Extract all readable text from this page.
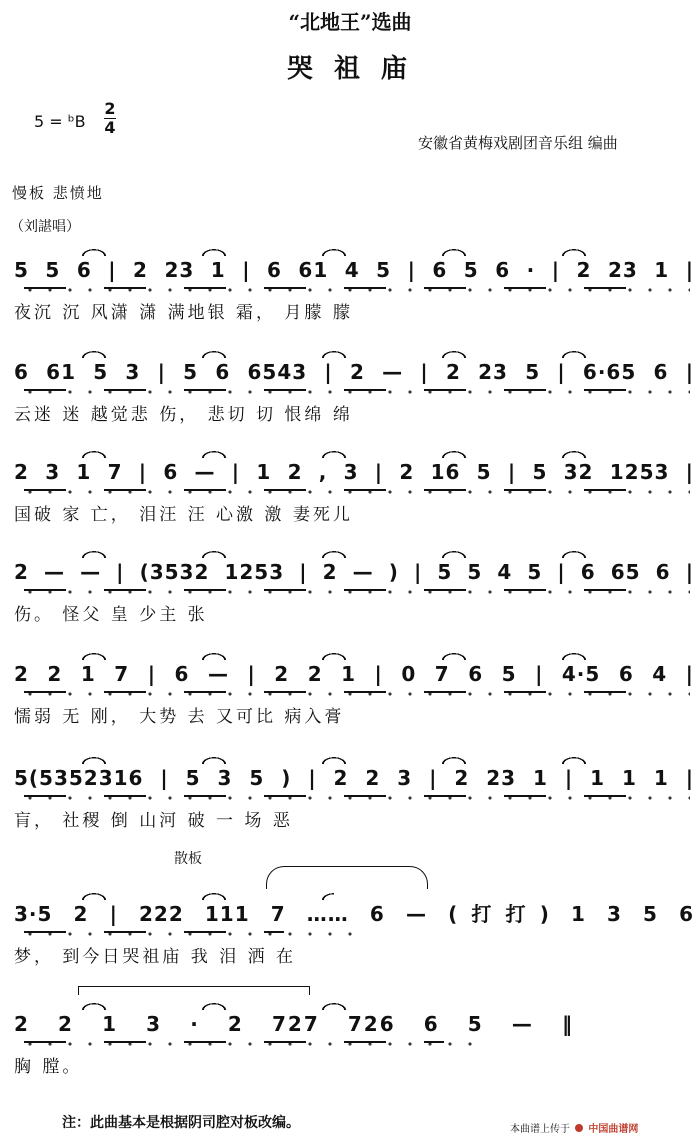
“北地王”选曲
哭 祖 庙
5 = ᵇB
2
4
安徽省黄梅戏剧团音乐组 编曲
慢板 悲愤地
（刘諶唱）
5 5 6 | 2 23 1 | 6 61 4 5 | 6 5 6 · | 2 23 1 |
夜沉 沉 风潇 潇 满地银 霜， 月朦 朦
6 61 5 3 | 5 6 6543 | 2 — | 2 23 5 | 6·65 6 |
云迷 迷 越觉悲 伤， 悲切 切 恨绵 绵
2 3 1 7 | 6 — | 1 2 , 3 | 2 16 5 | 5 32 1253 |
国破 家 亡， 泪汪 汪 心激 激 妻死儿
2 — — | (3532 1253 | 2 — ) | 5 5 4 5 | 6 65 6 |
伤。 怪父 皇 少主 张
2 2 1 7 | 6 — | 2 2 1 | 0 7 6 5 | 4·5 6 4 |
懦弱 无 刚， 大势 去 又可比 病入膏
5(5352316 | 5 3 5 ) | 2 2 3 | 2 23 1 | 1 1 1 |
肓， 社稷 倒 山河 破 一 场 恶
散板
3·5 2 | 222 111 7 …… 6 — (打打) 1 3 5 6
梦， 到今日哭祖庙 我 泪 洒 在
2 2 1 3 · 2 727 726 6 5 — ‖
胸 膛。
注：此曲基本是根据阴司腔对板改编。	本曲谱上传于 中国曲谱网
